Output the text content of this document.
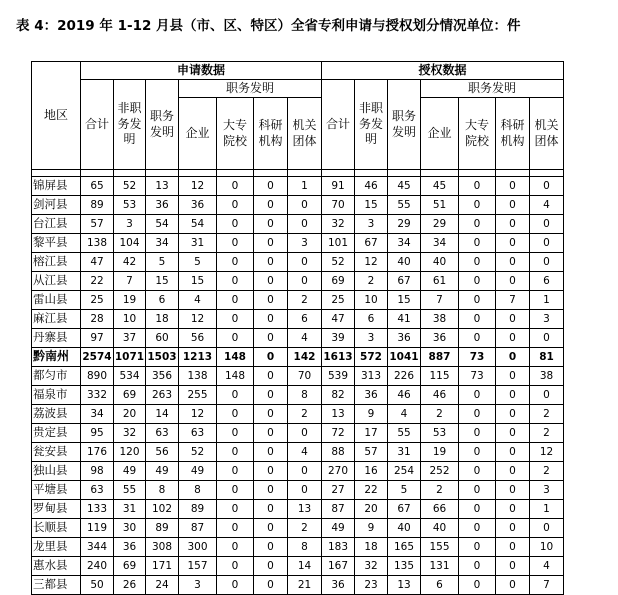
表 4：2019 年 1-12 月县（市、区、特区）全省专利申请与授权划分情况单位：件
地区	申请数据							授权数据						
	合计	非职务发明	职务发明	职务发明				合计	非职务发明	职务发明	职务发明			
				企业	大专院校	科研机构	机关团体				企业	大专院校	科研机构	机关团体

锦屏县	65	52	13	12	0	0	1	91	46	45	45	0	0	0
剑河县	89	53	36	36	0	0	0	70	15	55	51	0	0	4
台江县	57	3	54	54	0	0	0	32	3	29	29	0	0	0
黎平县	138	104	34	31	0	0	3	101	67	34	34	0	0	0
榕江县	47	42	5	5	0	0	0	52	12	40	40	0	0	0
从江县	22	7	15	15	0	0	0	69	2	67	61	0	0	6
雷山县	25	19	6	4	0	0	2	25	10	15	7	0	7	1
麻江县	28	10	18	12	0	0	6	47	6	41	38	0	0	3
丹寨县	97	37	60	56	0	0	4	39	3	36	36	0	0	0
黔南州	2574	1071	1503	1213	148	0	142	1613	572	1041	887	73	0	81
都匀市	890	534	356	138	148	0	70	539	313	226	115	73	0	38
福泉市	332	69	263	255	0	0	8	82	36	46	46	0	0	0
荔波县	34	20	14	12	0	0	2	13	9	4	2	0	0	2
贵定县	95	32	63	63	0	0	0	72	17	55	53	0	0	2
瓮安县	176	120	56	52	0	0	4	88	57	31	19	0	0	12
独山县	98	49	49	49	0	0	0	270	16	254	252	0	0	2
平塘县	63	55	8	8	0	0	0	27	22	5	2	0	0	3
罗甸县	133	31	102	89	0	0	13	87	20	67	66	0	0	1
长顺县	119	30	89	87	0	0	2	49	9	40	40	0	0	0
龙里县	344	36	308	300	0	0	8	183	18	165	155	0	0	10
惠水县	240	69	171	157	0	0	14	167	32	135	131	0	0	4
三都县	50	26	24	3	0	0	21	36	23	13	6	0	0	7
